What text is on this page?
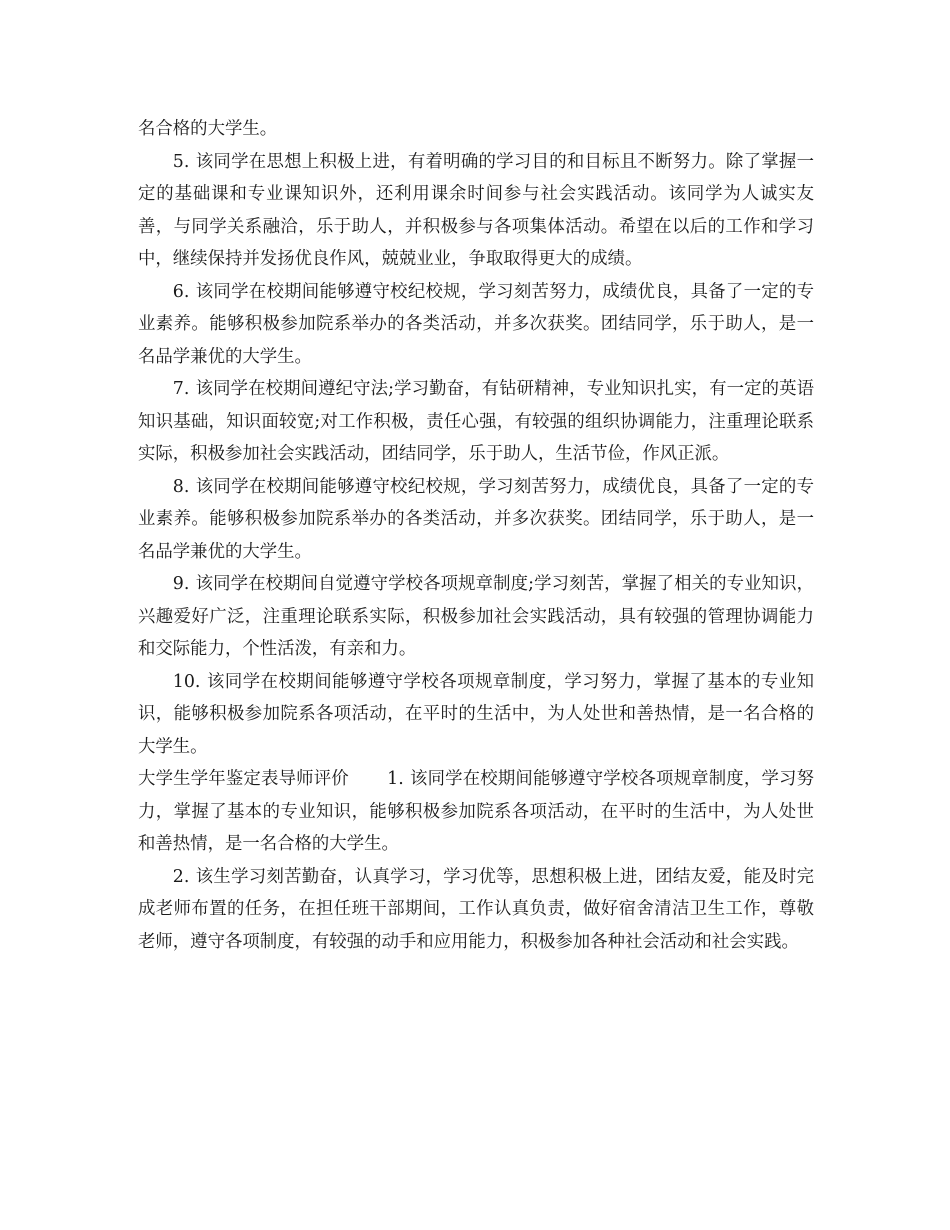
名合格的大学生。

5. 该同学在思想上积极上进，有着明确的学习目的和目标且不断努力。除了掌握一定的基础课和专业课知识外，还利用课余时间参与社会实践活动。该同学为人诚实友善，与同学关系融洽，乐于助人，并积极参与各项集体活动。希望在以后的工作和学习中，继续保持并发扬优良作风，兢兢业业，争取取得更大的成绩。

6. 该同学在校期间能够遵守校纪校规，学习刻苦努力，成绩优良，具备了一定的专业素养。能够积极参加院系举办的各类活动，并多次获奖。团结同学，乐于助人，是一名品学兼优的大学生。

7. 该同学在校期间遵纪守法;学习勤奋，有钻研精神，专业知识扎实，有一定的英语知识基础，知识面较宽;对工作积极，责任心强，有较强的组织协调能力，注重理论联系实际，积极参加社会实践活动，团结同学，乐于助人，生活节俭，作风正派。

8. 该同学在校期间能够遵守校纪校规，学习刻苦努力，成绩优良，具备了一定的专业素养。能够积极参加院系举办的各类活动，并多次获奖。团结同学，乐于助人，是一名品学兼优的大学生。

9. 该同学在校期间自觉遵守学校各项规章制度;学习刻苦，掌握了相关的专业知识，兴趣爱好广泛，注重理论联系实际，积极参加社会实践活动，具有较强的管理协调能力和交际能力，个性活泼，有亲和力。

10. 该同学在校期间能够遵守学校各项规章制度，学习努力，掌握了基本的专业知识，能够积极参加院系各项活动，在平时的生活中，为人处世和善热情，是一名合格的大学生。

大学生学年鉴定表导师评价 1. 该同学在校期间能够遵守学校各项规章制度，学习努力，掌握了基本的专业知识，能够积极参加院系各项活动，在平时的生活中，为人处世和善热情，是一名合格的大学生。

2. 该生学习刻苦勤奋，认真学习，学习优等，思想积极上进，团结友爱，能及时完成老师布置的任务，在担任班干部期间，工作认真负责，做好宿舍清洁卫生工作，尊敬老师，遵守各项制度，有较强的动手和应用能力，积极参加各种社会活动和社会实践。
